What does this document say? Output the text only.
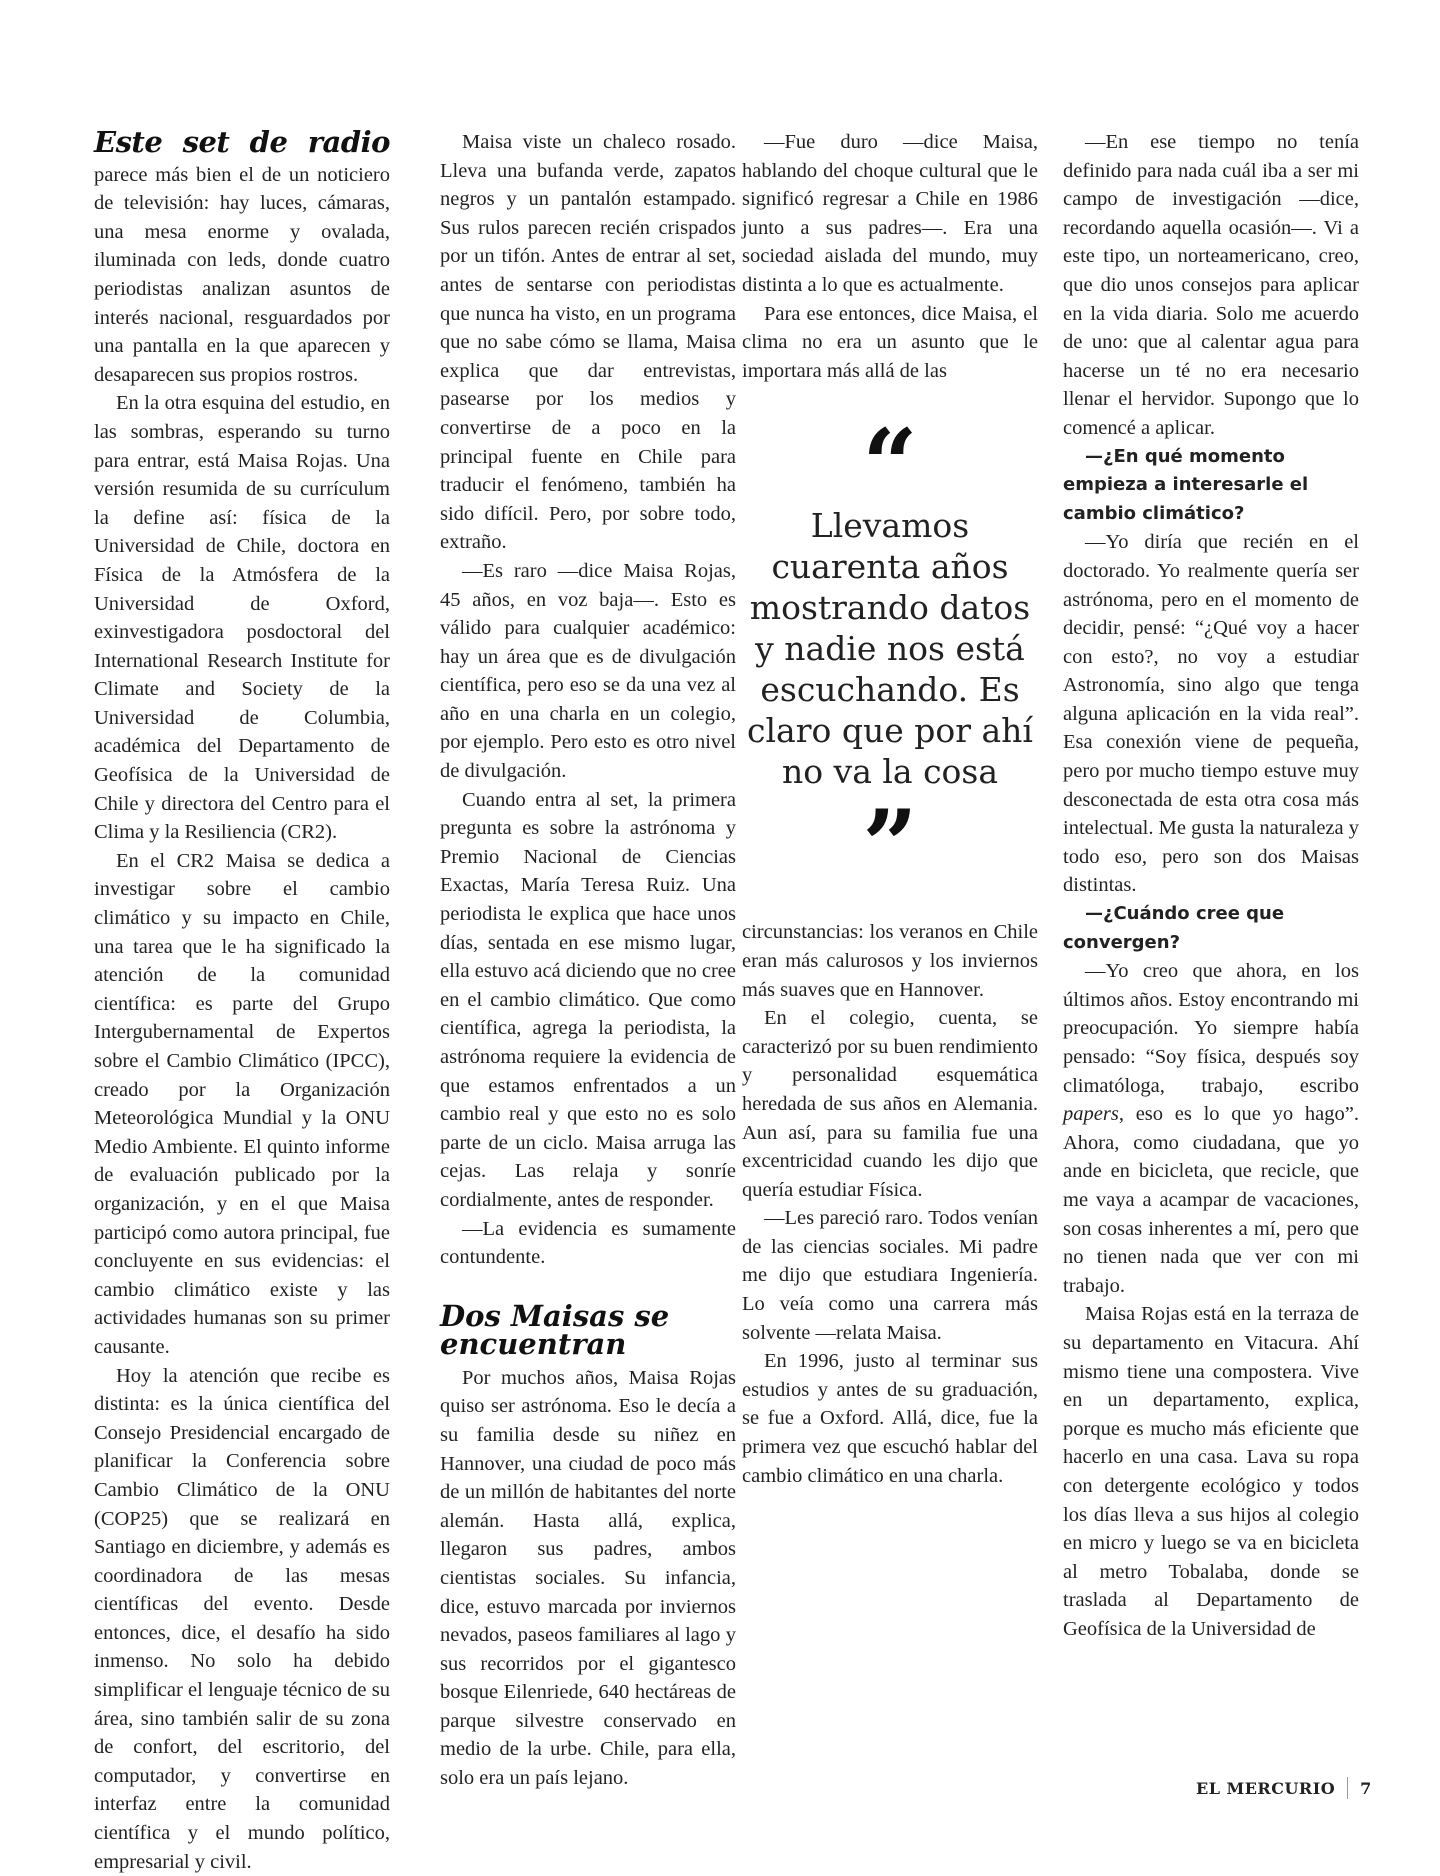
Este set de radio parece más bien el de un noticiero de televisión: hay luces, cámaras, una mesa enorme y ovalada, iluminada con leds, donde cuatro periodistas analizan asuntos de interés nacional, resguardados por una pantalla en la que aparecen y desaparecen sus propios rostros.

En la otra esquina del estudio, en las sombras, esperando su turno para entrar, está Maisa Rojas. Una versión resumida de su currículum la define así: física de la Universidad de Chile, doctora en Física de la Atmósfera de la Universidad de Oxford, exinvestigadora posdoctoral del International Research Institute for Climate and Society de la Universidad de Columbia, académica del Departamento de Geofísica de la Universidad de Chile y directora del Centro para el Clima y la Resiliencia (CR2).

En el CR2 Maisa se dedica a investigar sobre el cambio climático y su impacto en Chile, una tarea que le ha significado la atención de la comunidad científica: es parte del Grupo Intergubernamental de Expertos sobre el Cambio Climático (IPCC), creado por la Organización Meteorológica Mundial y la ONU Medio Ambiente. El quinto informe de evaluación publicado por la organización, y en el que Maisa participó como autora principal, fue concluyente en sus evidencias: el cambio climático existe y las actividades humanas son su primer causante.

Hoy la atención que recibe es distinta: es la única científica del Consejo Presidencial encargado de planificar la Conferencia sobre Cambio Climático de la ONU (COP25) que se realizará en Santiago en diciembre, y además es coordinadora de las mesas científicas del evento. Desde entonces, dice, el desafío ha sido inmenso. No solo ha debido simplificar el lenguaje técnico de su área, sino también salir de su zona de confort, del escritorio, del computador, y convertirse en interfaz entre la comunidad científica y el mundo político, empresarial y civil.

Maisa viste un chaleco rosado. Lleva una bufanda verde, zapatos negros y un pantalón estampado. Sus rulos parecen recién crispados por un tifón. Antes de entrar al set, antes de sentarse con periodistas que nunca ha visto, en un programa que no sabe cómo se llama, Maisa explica que dar entrevistas, pasearse por los medios y convertirse de a poco en la principal fuente en Chile para traducir el fenómeno, también ha sido difícil. Pero, por sobre todo, extraño.

—Es raro —dice Maisa Rojas, 45 años, en voz baja—. Esto es válido para cualquier académico: hay un área que es de divulgación científica, pero eso se da una vez al año en una charla en un colegio, por ejemplo. Pero esto es otro nivel de divulgación.

Cuando entra al set, la primera pregunta es sobre la astrónoma y Premio Nacional de Ciencias Exactas, María Teresa Ruiz. Una periodista le explica que hace unos días, sentada en ese mismo lugar, ella estuvo acá diciendo que no cree en el cambio climático. Que como científica, agrega la periodista, la astrónoma requiere la evidencia de que estamos enfrentados a un cambio real y que esto no es solo parte de un ciclo. Maisa arruga las cejas. Las relaja y sonríe cordialmente, antes de responder.

—La evidencia es sumamente contundente.

Dos Maisas se encuentran

Por muchos años, Maisa Rojas quiso ser astrónoma. Eso le decía a su familia desde su niñez en Hannover, una ciudad de poco más de un millón de habitantes del norte alemán. Hasta allá, explica, llegaron sus padres, ambos cientistas sociales. Su infancia, dice, estuvo marcada por inviernos nevados, paseos familiares al lago y sus recorridos por el gigantesco bosque Eilenriede, 640 hectáreas de parque silvestre conservado en medio de la urbe. Chile, para ella, solo era un país lejano.

—Fue duro —dice Maisa, hablando del choque cultural que le significó regresar a Chile en 1986 junto a sus padres—. Era una sociedad aislada del mundo, muy distinta a lo que es actualmente.

Para ese entonces, dice Maisa, el clima no era un asunto que le importara más allá de las

“
Llevamos cuarenta años mostrando datos y nadie nos está escuchando. Es claro que por ahí no va la cosa
”

circunstancias: los veranos en Chile eran más calurosos y los inviernos más suaves que en Hannover.

En el colegio, cuenta, se caracterizó por su buen rendimiento y personalidad esquemática heredada de sus años en Alemania. Aun así, para su familia fue una excentricidad cuando les dijo que quería estudiar Física.

—Les pareció raro. Todos venían de las ciencias sociales. Mi padre me dijo que estudiara Ingeniería. Lo veía como una carrera más solvente —relata Maisa.

En 1996, justo al terminar sus estudios y antes de su graduación, se fue a Oxford. Allá, dice, fue la primera vez que escuchó hablar del cambio climático en una charla.

—En ese tiempo no tenía definido para nada cuál iba a ser mi campo de investigación —dice, recordando aquella ocasión—. Vi a este tipo, un norteamericano, creo, que dio unos consejos para aplicar en la vida diaria. Solo me acuerdo de uno: que al calentar agua para hacerse un té no era necesario llenar el hervidor. Supongo que lo comencé a aplicar.

—¿En qué momento empieza a interesarle el cambio climático?

—Yo diría que recién en el doctorado. Yo realmente quería ser astrónoma, pero en el momento de decidir, pensé: “¿Qué voy a hacer con esto?, no voy a estudiar Astronomía, sino algo que tenga alguna aplicación en la vida real”. Esa conexión viene de pequeña, pero por mucho tiempo estuve muy desconectada de esta otra cosa más intelectual. Me gusta la naturaleza y todo eso, pero son dos Maisas distintas.

—¿Cuándo cree que convergen?

—Yo creo que ahora, en los últimos años. Estoy encontrando mi preocupación. Yo siempre había pensado: “Soy física, después soy climatóloga, trabajo, escribo papers, eso es lo que yo hago”. Ahora, como ciudadana, que yo ande en bicicleta, que recicle, que me vaya a acampar de vacaciones, son cosas inherentes a mí, pero que no tienen nada que ver con mi trabajo.

Maisa Rojas está en la terraza de su departamento en Vitacura. Ahí mismo tiene una compostera. Vive en un departamento, explica, porque es mucho más eficiente que hacerlo en una casa. Lava su ropa con detergente ecológico y todos los días lleva a sus hijos al colegio en micro y luego se va en bicicleta al metro Tobalaba, donde se traslada al Departamento de Geofísica de la Universidad de

EL MERCURIO 7
